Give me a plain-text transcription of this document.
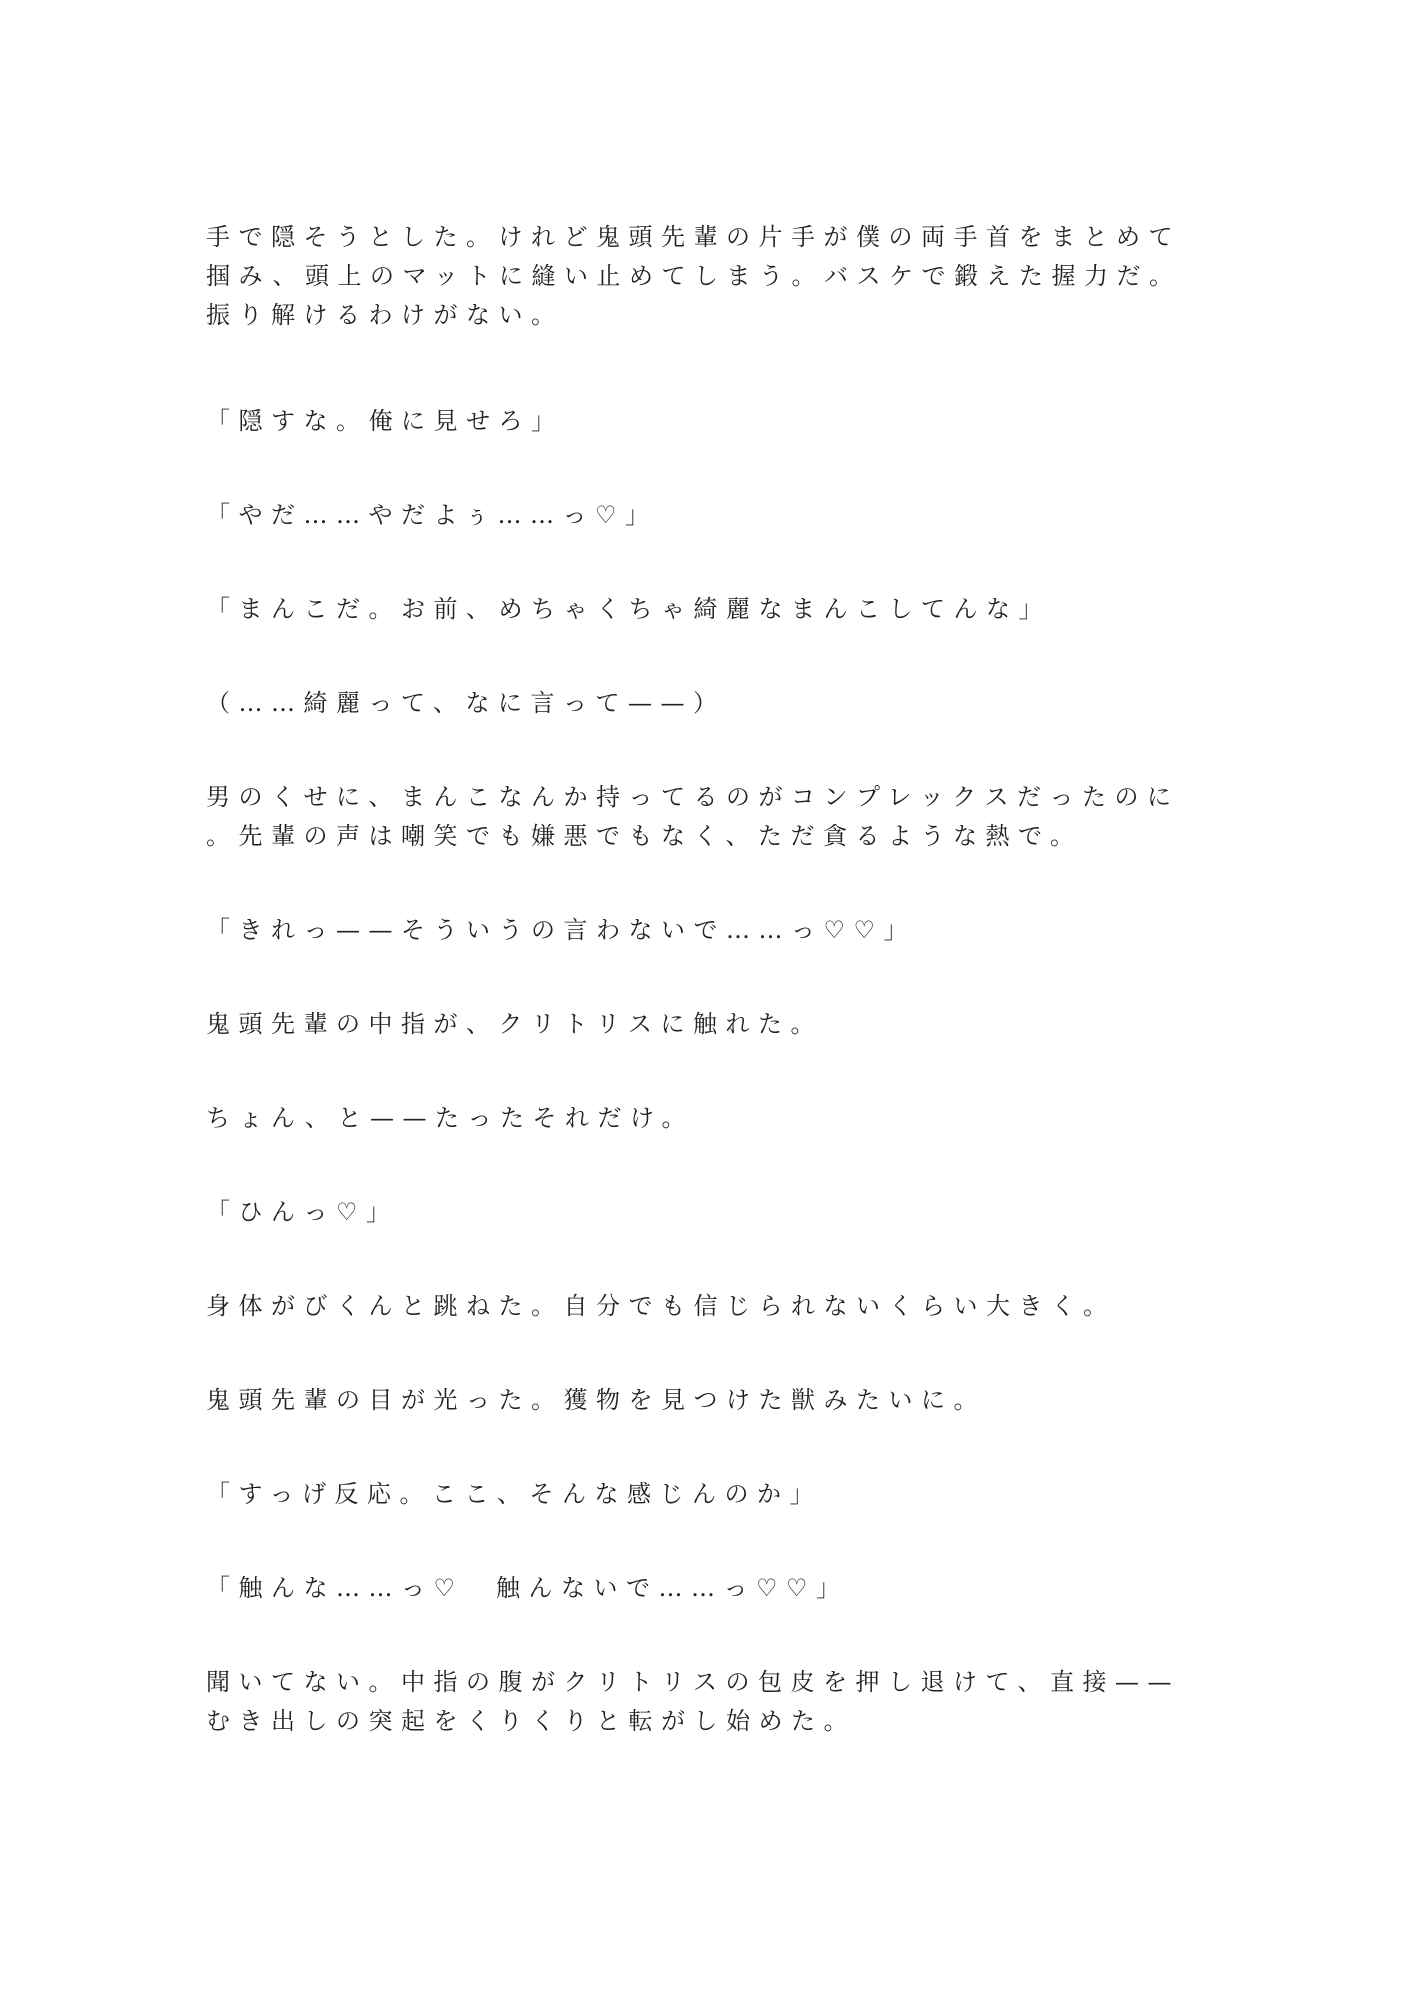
手で隠そうとした。けれど鬼頭先輩の片手が僕の両手首をまとめて
掴み、頭上のマットに縫い止めてしまう。バスケで鍛えた握力だ。
振り解けるわけがない。

「隠すな。俺に見せろ」

「やだ……やだよぅ……っ♡」

「まんこだ。お前、めちゃくちゃ綺麗なまんこしてんな」

（……綺麗って、なに言って——）

男のくせに、まんこなんか持ってるのがコンプレックスだったのに
。先輩の声は嘲笑でも嫌悪でもなく、ただ貪るような熱で。

「きれっ——そういうの言わないで……っ♡♡」

鬼頭先輩の中指が、クリトリスに触れた。

ちょん、と——たったそれだけ。

「ひんっ♡」

身体がびくんと跳ねた。自分でも信じられないくらい大きく。

鬼頭先輩の目が光った。獲物を見つけた獣みたいに。

「すっげ反応。ここ、そんな感じんのか」

「触んな……っ♡　触んないで……っ♡♡」

聞いてない。中指の腹がクリトリスの包皮を押し退けて、直接——
むき出しの突起をくりくりと転がし始めた。
